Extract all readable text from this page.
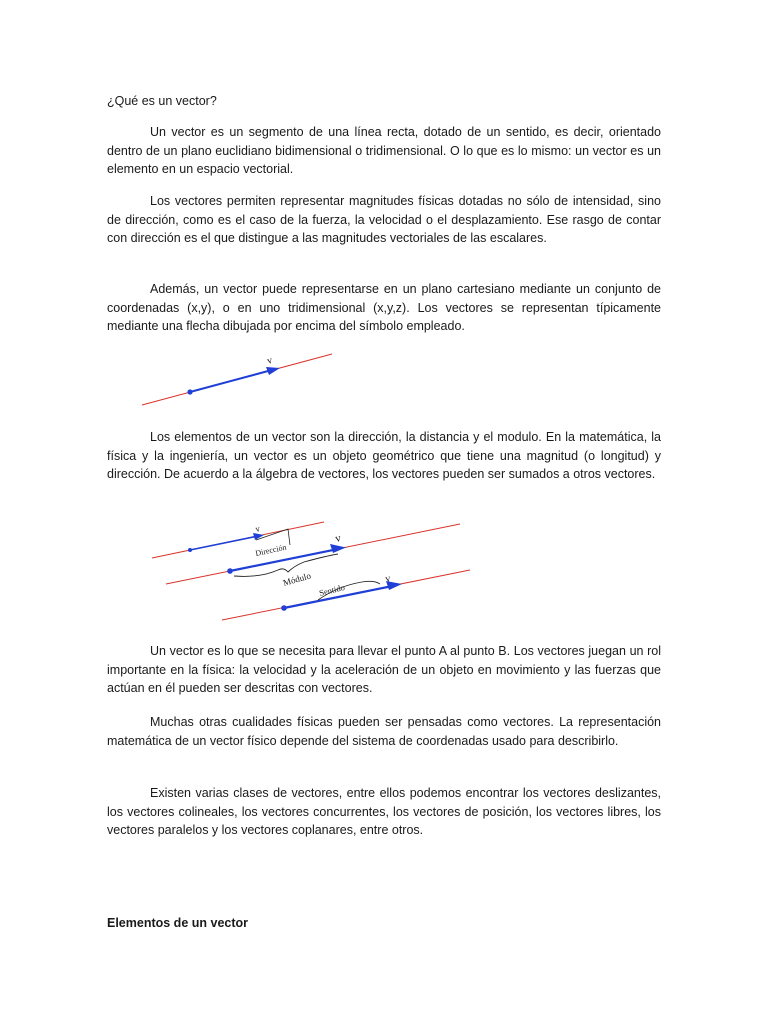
¿Qué es un vector?

Un vector es un segmento de una línea recta, dotado de un sentido, es decir, orientado dentro de un plano euclidiano bidimensional o tridimensional. O lo que es lo mismo: un vector es un elemento en un espacio vectorial.

Los vectores permiten representar magnitudes físicas dotadas no sólo de intensidad, sino de dirección, como es el caso de la fuerza, la velocidad o el desplazamiento. Ese rasgo de contar con dirección es el que distingue a las magnitudes vectoriales de las escalares.

Además, un vector puede representarse en un plano cartesiano mediante un conjunto de coordenadas (x,y), o en uno tridimensional (x,y,z). Los vectores se representan típicamente mediante una flecha dibujada por encima del símbolo empleado.

v

Los elementos de un vector son la dirección, la distancia y el modulo. En la matemática, la física y la ingeniería, un vector es un objeto geométrico que tiene una magnitud (o longitud) y dirección. De acuerdo a la álgebra de vectores, los vectores pueden ser sumados a otros vectores.

v
Dirección
v
Módulo	v
Sentido

Un vector es lo que se necesita para llevar el punto A al punto B. Los vectores juegan un rol importante en la física: la velocidad y la aceleración de un objeto en movimiento y las fuerzas que actúan en él pueden ser descritas con vectores.

Muchas otras cualidades físicas pueden ser pensadas como vectores. La representación matemática de un vector físico depende del sistema de coordenadas usado para describirlo.

Existen varias clases de vectores, entre ellos podemos encontrar los vectores deslizantes, los vectores colineales, los vectores concurrentes, los vectores de posición, los vectores libres, los vectores paralelos y los vectores coplanares, entre otros.

Elementos de un vector
